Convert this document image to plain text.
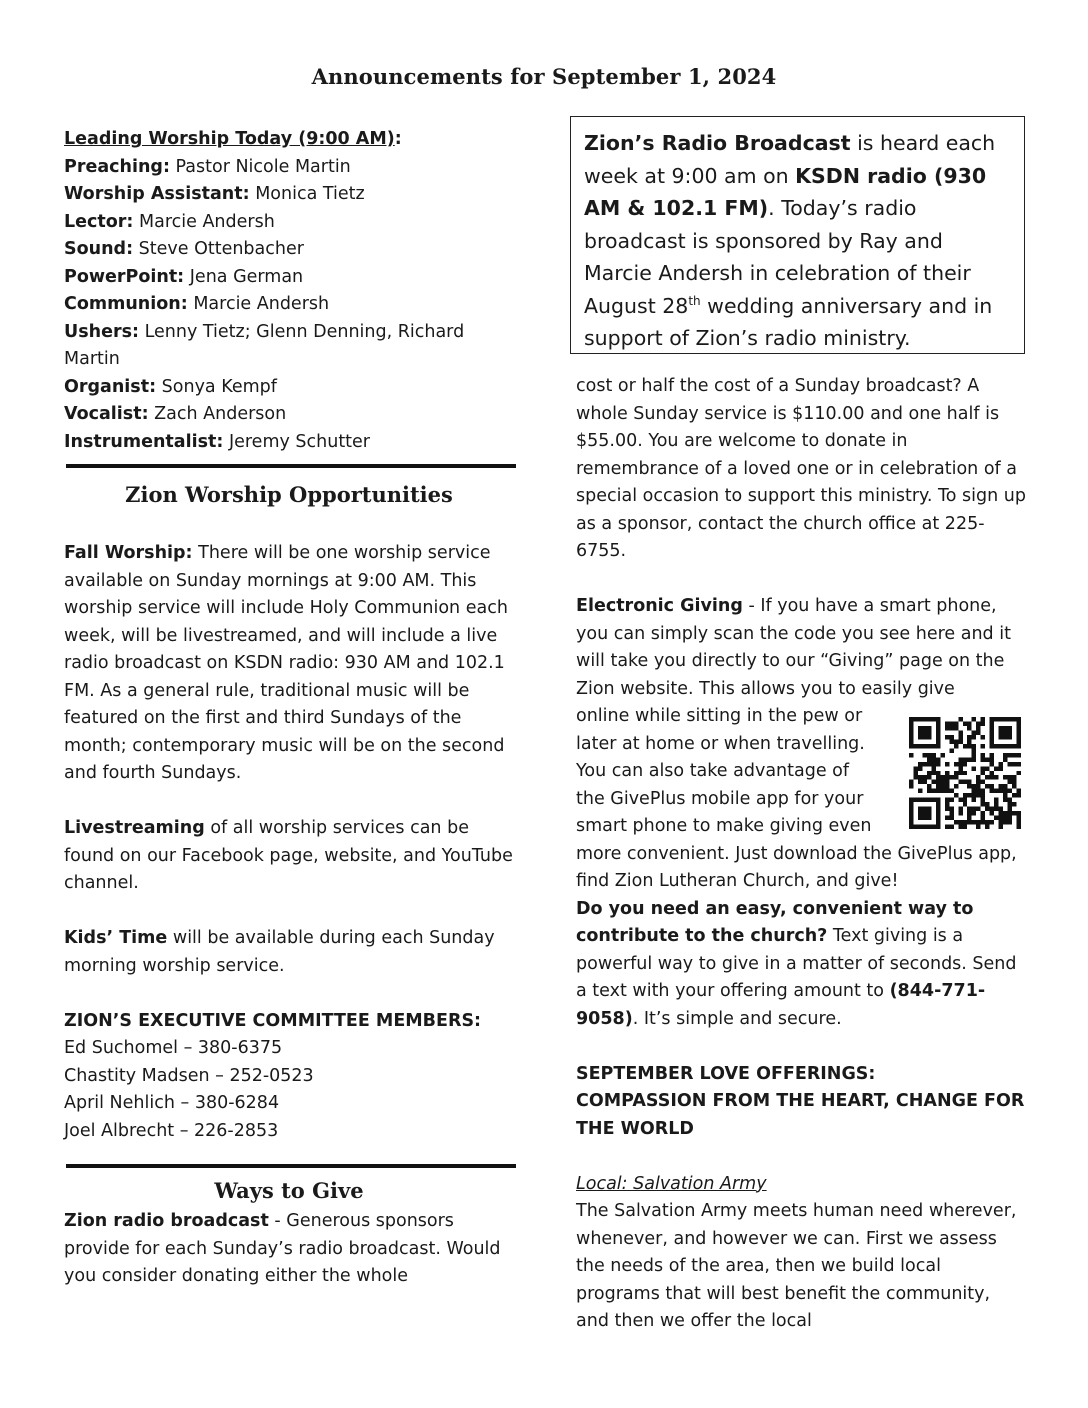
Announcements for September 1, 2024

Leading Worship Today (9:00 AM):

Preaching: Pastor Nicole Martin

Worship Assistant: Monica Tietz

Lector: Marcie Andersh

Sound: Steve Ottenbacher

PowerPoint: Jena German

Communion: Marcie Andersh

Ushers: Lenny Tietz; Glenn Denning, Richard Martin

Organist: Sonya Kempf

Vocalist: Zach Anderson

Instrumentalist: Jeremy Schutter

Zion Worship Opportunities

Fall Worship: There will be one worship service available on Sunday mornings at 9:00 AM. This worship service will include Holy Communion each week, will be livestreamed, and will include a live radio broadcast on KSDN radio: 930 AM and 102.1 FM. As a general rule, traditional music will be featured on the first and third Sundays of the month; contemporary music will be on the second and fourth Sundays.

Livestreaming of all worship services can be found on our Facebook page, website, and YouTube channel.

Kids’ Time will be available during each Sunday morning worship service.

ZION’S EXECUTIVE COMMITTEE MEMBERS:

Ed Suchomel – 380-6375

Chastity Madsen – 252-0523

April Nehlich – 380-6284

Joel Albrecht – 226-2853

Ways to Give

Zion radio broadcast - Generous sponsors provide for each Sunday’s radio broadcast. Would you consider donating either the whole

Zion’s Radio Broadcast is heard each week at 9:00 am on KSDN radio (930 AM & 102.1 FM). Today’s radio broadcast is sponsored by Ray and Marcie Andersh in celebration of their August 28th wedding anniversary and in support of Zion’s radio ministry.

cost or half the cost of a Sunday broadcast? A whole Sunday service is $110.00 and one half is $55.00. You are welcome to donate in remembrance of a loved one or in celebration of a special occasion to support this ministry. To sign up as a sponsor, contact the church office at 225-6755.

Electronic Giving - If you have a smart phone, you can simply scan the code you see here and it will take you directly to our “Giving” page on the Zion website. This allows you to easily give

online while sitting in the pew or

later at home or when travelling.

You can also take advantage of

the GivePlus mobile app for your

smart phone to make giving even

more convenient. Just download the GivePlus app, find Zion Lutheran Church, and give!

Do you need an easy, convenient way to contribute to the church? Text giving is a powerful way to give in a matter of seconds. Send a text with your offering amount to (844-771-9058). It’s simple and secure.

SEPTEMBER LOVE OFFERINGS:

COMPASSION FROM THE HEART, CHANGE FOR THE WORLD

Local: Salvation Army

The Salvation Army meets human need wherever, whenever, and however we can. First we assess the needs of the area, then we build local programs that will best benefit the community, and then we offer the local
